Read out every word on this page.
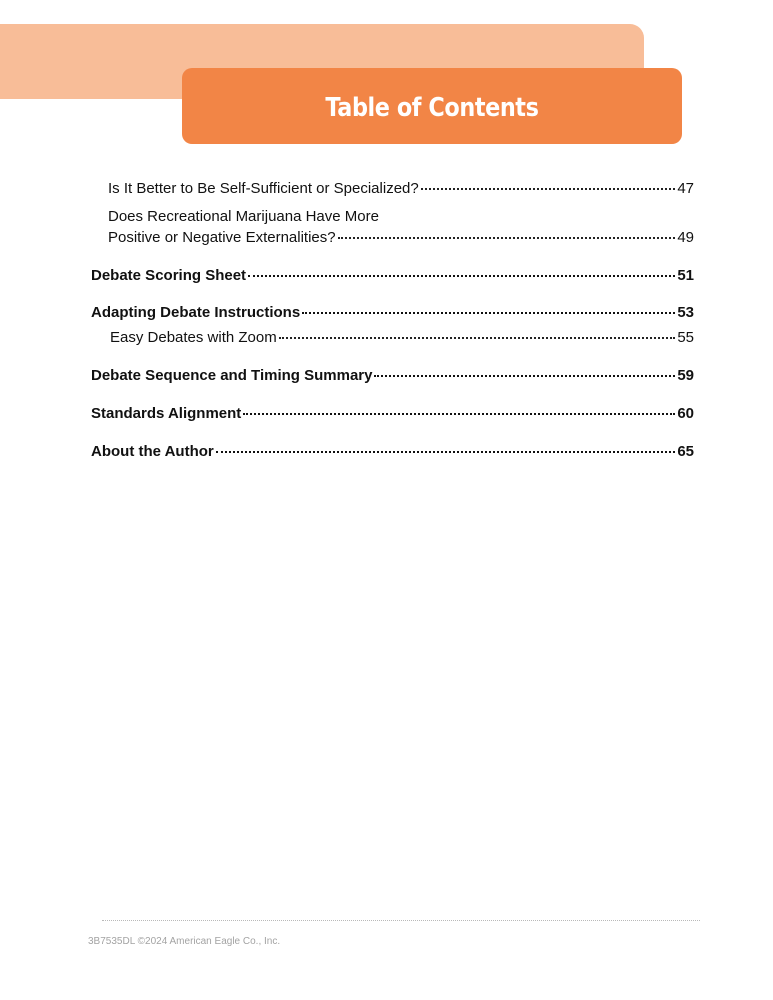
Table of Contents
Is It Better to Be Self-Sufficient or Specialized?	47
Does Recreational Marijuana Have More
Positive or Negative Externalities?	49
Debate Scoring Sheet	51
Adapting Debate Instructions	53
Easy Debates with Zoom	55
Debate Sequence and Timing Summary	59
Standards Alignment	60
About the Author	65
3B7535DL ©2024 American Eagle Co., Inc.
